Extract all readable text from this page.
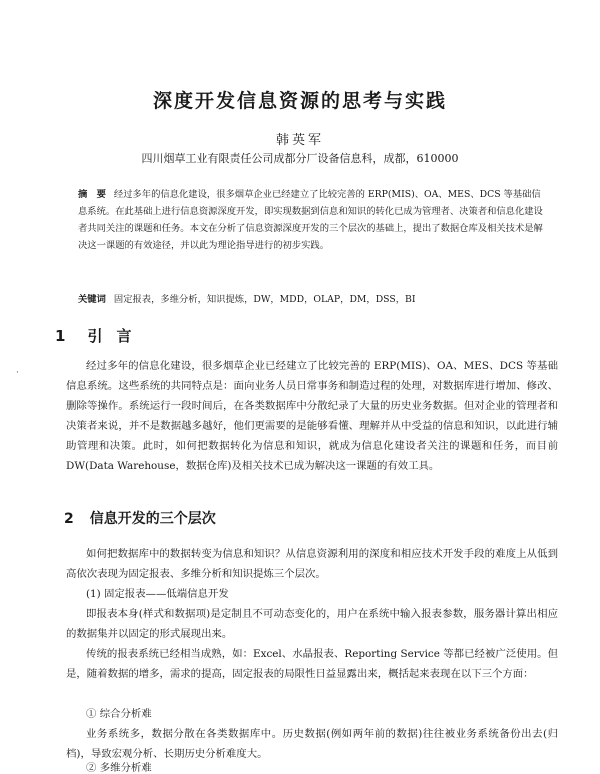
深度开发信息资源的思考与实践
韩英军
四川烟草工业有限责任公司成都分厂设备信息科，成都，610000
摘　要 经过多年的信息化建设，很多烟草企业已经建立了比较完善的 ERP(MIS)、OA、MES、DCS 等基础信息系统。在此基础上进行信息资源深度开发，即实现数据到信息和知识的转化已成为管理者、决策者和信息化建设者共同关注的课题和任务。本文在分析了信息资源深度开发的三个层次的基础上，提出了数据仓库及相关技术是解决这一课题的有效途径，并以此为理论指导进行的初步实践。
关键词 固定报表，多维分析，知识提炼，DW，MDD，OLAP，DM，DSS，BI
1 引言
·
经过多年的信息化建设，很多烟草企业已经建立了比较完善的 ERP(MIS)、OA、MES、DCS 等基础信息系统。这些系统的共同特点是：面向业务人员日常事务和制造过程的处理，对数据库进行增加、修改、删除等操作。系统运行一段时间后，在各类数据库中分散纪录了大量的历史业务数据。但对企业的管理者和决策者来说，并不是数据越多越好，他们更需要的是能够看懂、理解并从中受益的信息和知识，以此进行辅助管理和决策。此时，如何把数据转化为信息和知识，就成为信息化建设者关注的课题和任务，而目前 DW(Data Warehouse，数据仓库)及相关技术已成为解决这一课题的有效工具。
2 信息开发的三个层次
如何把数据库中的数据转变为信息和知识？从信息资源利用的深度和相应技术开发手段的难度上从低到高依次表现为固定报表、多维分析和知识提炼三个层次。
(1) 固定报表——低端信息开发
即报表本身(样式和数据项)是定制且不可动态变化的，用户在系统中输入报表参数，服务器计算出相应的数据集并以固定的形式展现出来。
传统的报表系统已经相当成熟，如：Excel、水晶报表、Reporting Service 等都已经被广泛使用。但是，随着数据的增多，需求的提高，固定报表的局限性日益显露出来，概括起来表现在以下三个方面：
① 综合分析难
业务系统多，数据分散在各类数据库中。历史数据(例如两年前的数据)往往被业务系统备份出去(归档)，导致宏观分析、长期历史分析难度大。
② 多维分析难
